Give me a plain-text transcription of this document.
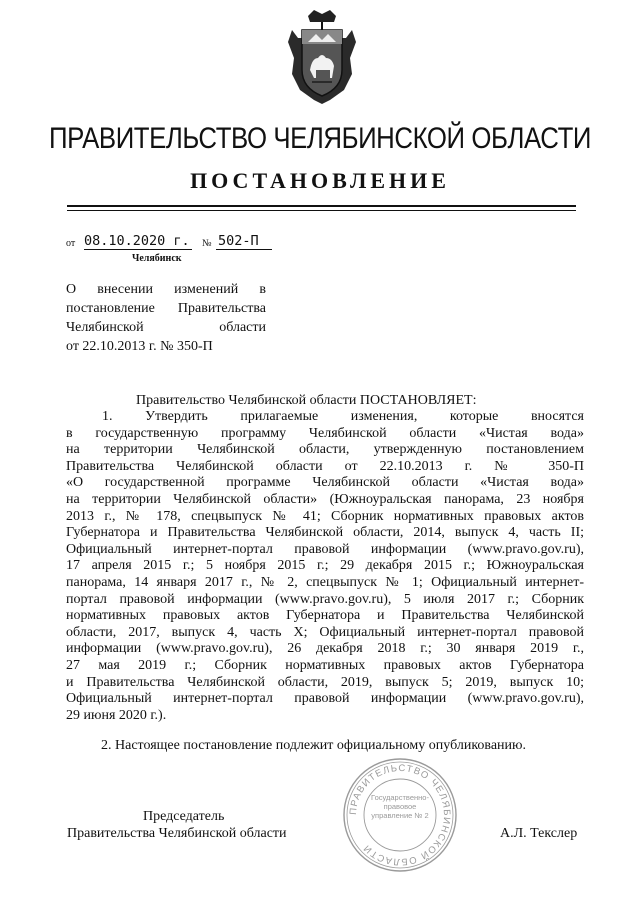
ПРАВИТЕЛЬСТВО ЧЕЛЯБИНСКОЙ ОБЛАСТИ
ПОСТАНОВЛЕНИЕ
от 08.10.2020 г. № 502-П
Челябинск
О внесении изменений в
постановление Правительства
Челябинской области
от 22.10.2013 г. № 350-П
Правительство Челябинской области ПОСТАНОВЛЯЕТ:
1. Утвердить прилагаемые изменения, которые вносятся
в государственную программу Челябинской области «Чистая вода»
на территории Челябинской области, утвержденную постановлением
Правительства Челябинской области от 22.10.2013 г. № 350-П
«О государственной программе Челябинской области «Чистая вода»
на территории Челябинской области» (Южноуральская панорама, 23 ноября
2013 г., № 178, спецвыпуск № 41; Сборник нормативных правовых актов
Губернатора и Правительства Челябинской области, 2014, выпуск 4, часть II;
Официальный интернет-портал правовой информации (www.pravo.gov.ru),
17 апреля 2015 г.; 5 ноября 2015 г.; 29 декабря 2015 г.; Южноуральская
панорама, 14 января 2017 г., № 2, спецвыпуск № 1; Официальный интернет-
портал правовой информации (www.pravo.gov.ru), 5 июля 2017 г.; Сборник
нормативных правовых актов Губернатора и Правительства Челябинской
области, 2017, выпуск 4, часть X; Официальный интернет-портал правовой
информации (www.pravo.gov.ru), 26 декабря 2018 г.; 30 января 2019 г.,
27 мая 2019 г.; Сборник нормативных правовых актов Губернатора
и Правительства Челябинской области, 2019, выпуск 5; 2019, выпуск 10;
Официальный интернет-портал правовой информации (www.pravo.gov.ru),
29 июня 2020 г.).
2. Настоящее постановление подлежит официальному опубликованию.
ПРАВИТЕЛЬСТВО ЧЕЛЯБИНСКОЙ ОБЛАСТИ
Государственно-правовое управление № 2
Председатель
Правительства Челябинской области	А.Л. Текслер
